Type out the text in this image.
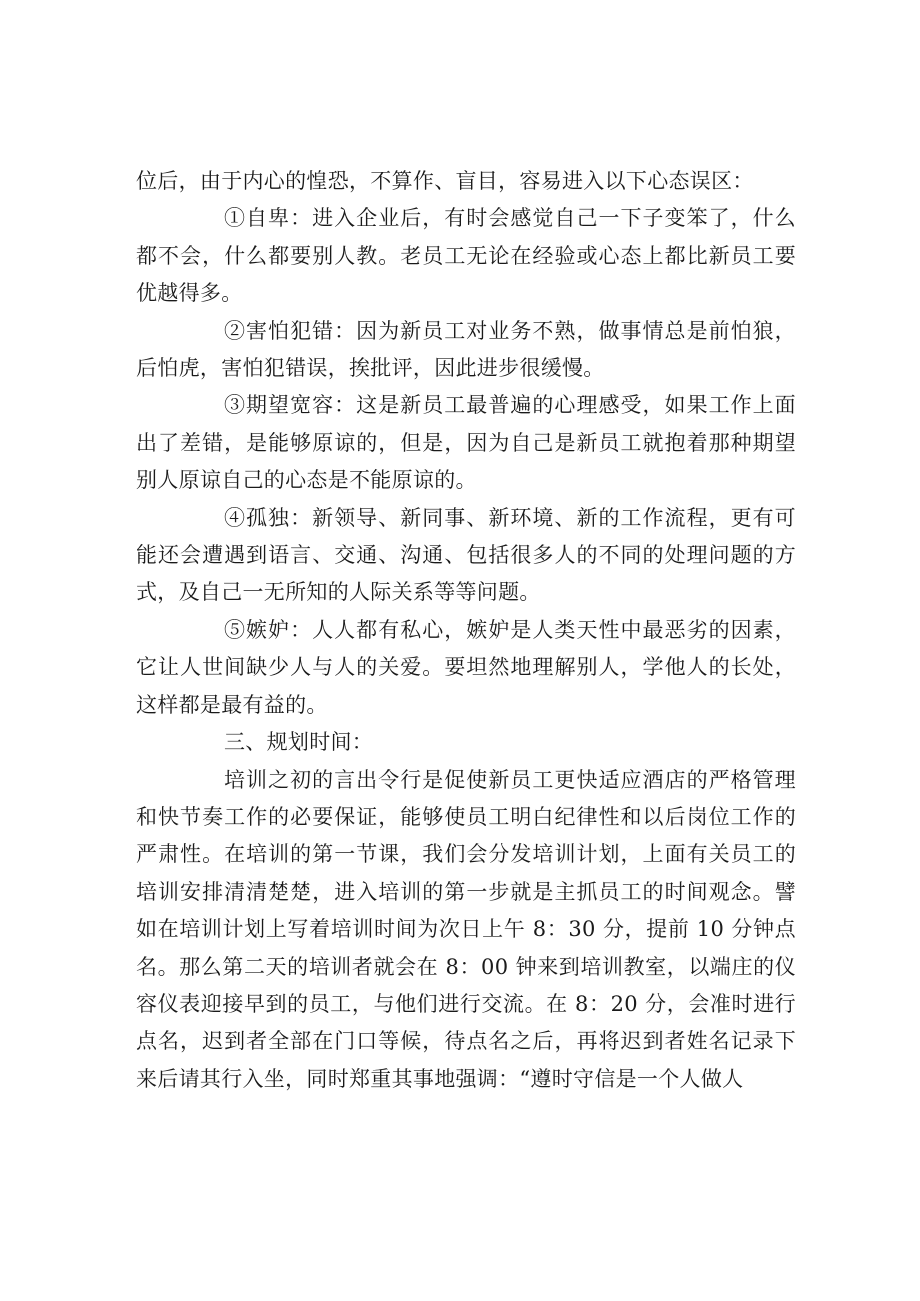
位后，由于内心的惶恐，不算作、盲目，容易进入以下心态误区：

①自卑：进入企业后，有时会感觉自己一下子变笨了，什么都不会，什么都要别人教。老员工无论在经验或心态上都比新员工要优越得多。

②害怕犯错：因为新员工对业务不熟，做事情总是前怕狼，后怕虎，害怕犯错误，挨批评，因此进步很缓慢。

③期望宽容：这是新员工最普遍的心理感受，如果工作上面出了差错，是能够原谅的，但是，因为自己是新员工就抱着那种期望别人原谅自己的心态是不能原谅的。

④孤独：新领导、新同事、新环境、新的工作流程，更有可能还会遭遇到语言、交通、沟通、包括很多人的不同的处理问题的方式，及自己一无所知的人际关系等等问题。

⑤嫉妒：人人都有私心，嫉妒是人类天性中最恶劣的因素，它让人世间缺少人与人的关爱。要坦然地理解别人，学他人的长处，这样都是最有益的。

三、规划时间：

培训之初的言出令行是促使新员工更快适应酒店的严格管理和快节奏工作的必要保证，能够使员工明白纪律性和以后岗位工作的严肃性。在培训的第一节课，我们会分发培训计划，上面有关员工的培训安排清清楚楚，进入培训的第一步就是主抓员工的时间观念。譬如在培训计划上写着培训时间为次日上午 8：30 分，提前 10 分钟点名。那么第二天的培训者就会在 8：00 钟来到培训教室，以端庄的仪容仪表迎接早到的员工，与他们进行交流。在 8：20 分，会准时进行点名，迟到者全部在门口等候，待点名之后，再将迟到者姓名记录下来后请其行入坐，同时郑重其事地强调：“遵时守信是一个人做人
